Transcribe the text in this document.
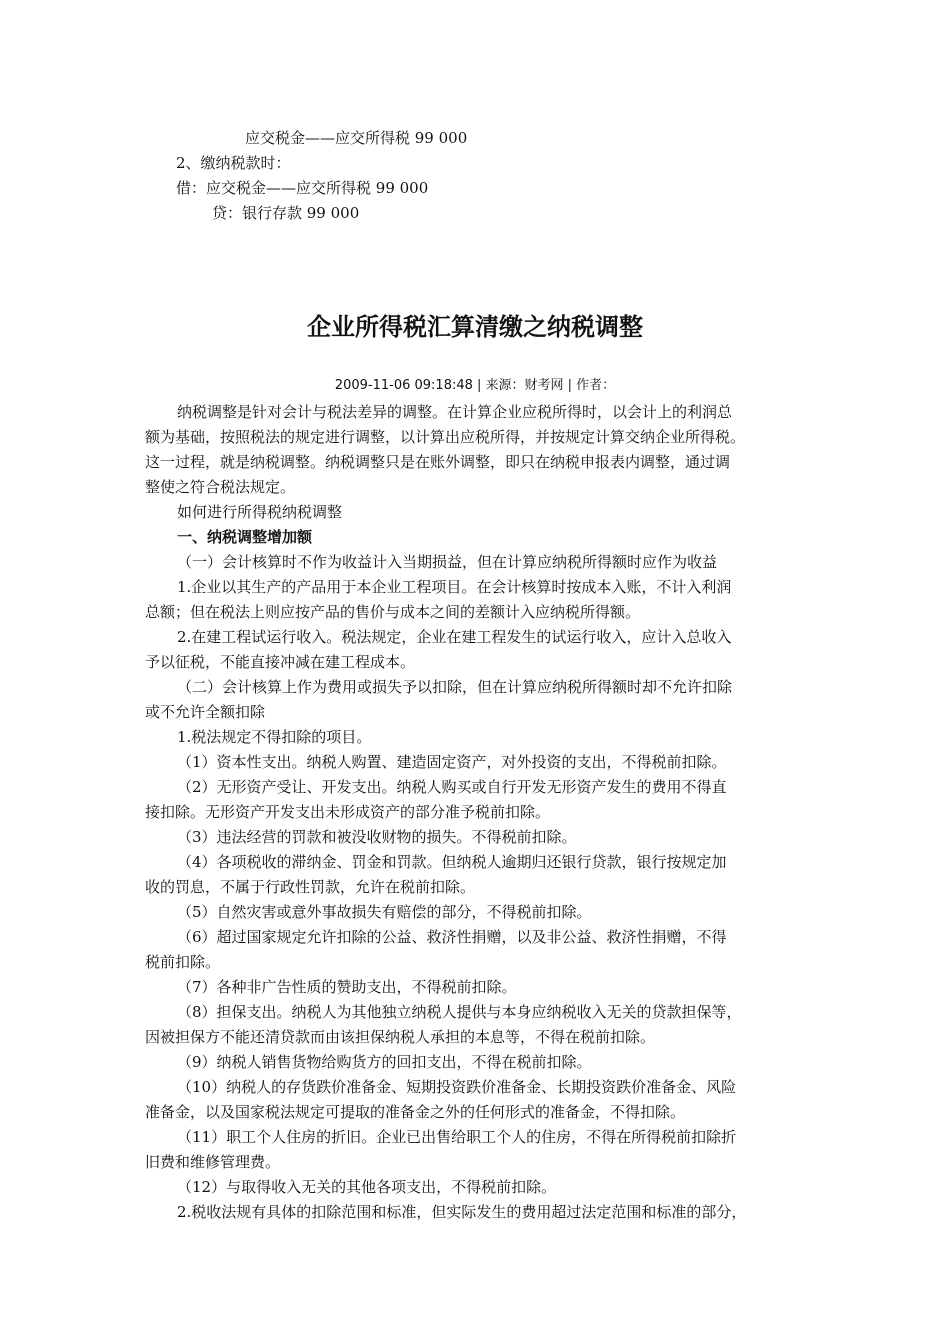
应交税金——应交所得税 99 000
2、缴纳税款时：
借：应交税金——应交所得税 99 000
贷：银行存款 99 000
企业所得税汇算清缴之纳税调整
2009-11-06 09:18:48 | 来源：财考网 | 作者：
纳税调整是针对会计与税法差异的调整。在计算企业应税所得时，以会计上的利润总
额为基础，按照税法的规定进行调整，以计算出应税所得，并按规定计算交纳企业所得税。
这一过程，就是纳税调整。纳税调整只是在账外调整，即只在纳税申报表内调整，通过调
整使之符合税法规定。
如何进行所得税纳税调整
一、纳税调整增加额
（一）会计核算时不作为收益计入当期损益，但在计算应纳税所得额时应作为收益
1.企业以其生产的产品用于本企业工程项目。在会计核算时按成本入账，不计入利润
总额；但在税法上则应按产品的售价与成本之间的差额计入应纳税所得额。
2.在建工程试运行收入。税法规定，企业在建工程发生的试运行收入，应计入总收入
予以征税，不能直接冲减在建工程成本。
（二）会计核算上作为费用或损失予以扣除，但在计算应纳税所得额时却不允许扣除
或不允许全额扣除
1.税法规定不得扣除的项目。
（1）资本性支出。纳税人购置、建造固定资产，对外投资的支出，不得税前扣除。
（2）无形资产受让、开发支出。纳税人购买或自行开发无形资产发生的费用不得直
接扣除。无形资产开发支出未形成资产的部分准予税前扣除。
（3）违法经营的罚款和被没收财物的损失。不得税前扣除。
（4）各项税收的滞纳金、罚金和罚款。但纳税人逾期归还银行贷款，银行按规定加
收的罚息，不属于行政性罚款，允许在税前扣除。
（5）自然灾害或意外事故损失有赔偿的部分，不得税前扣除。
（6）超过国家规定允许扣除的公益、救济性捐赠，以及非公益、救济性捐赠，不得
税前扣除。
（7）各种非广告性质的赞助支出，不得税前扣除。
（8）担保支出。纳税人为其他独立纳税人提供与本身应纳税收入无关的贷款担保等，
因被担保方不能还清贷款而由该担保纳税人承担的本息等，不得在税前扣除。
（9）纳税人销售货物给购货方的回扣支出，不得在税前扣除。
（10）纳税人的存货跌价准备金、短期投资跌价准备金、长期投资跌价准备金、风险
准备金，以及国家税法规定可提取的准备金之外的任何形式的准备金，不得扣除。
（11）职工个人住房的折旧。企业已出售给职工个人的住房，不得在所得税前扣除折
旧费和维修管理费。
（12）与取得收入无关的其他各项支出，不得税前扣除。
2.税收法规有具体的扣除范围和标准，但实际发生的费用超过法定范围和标准的部分，
